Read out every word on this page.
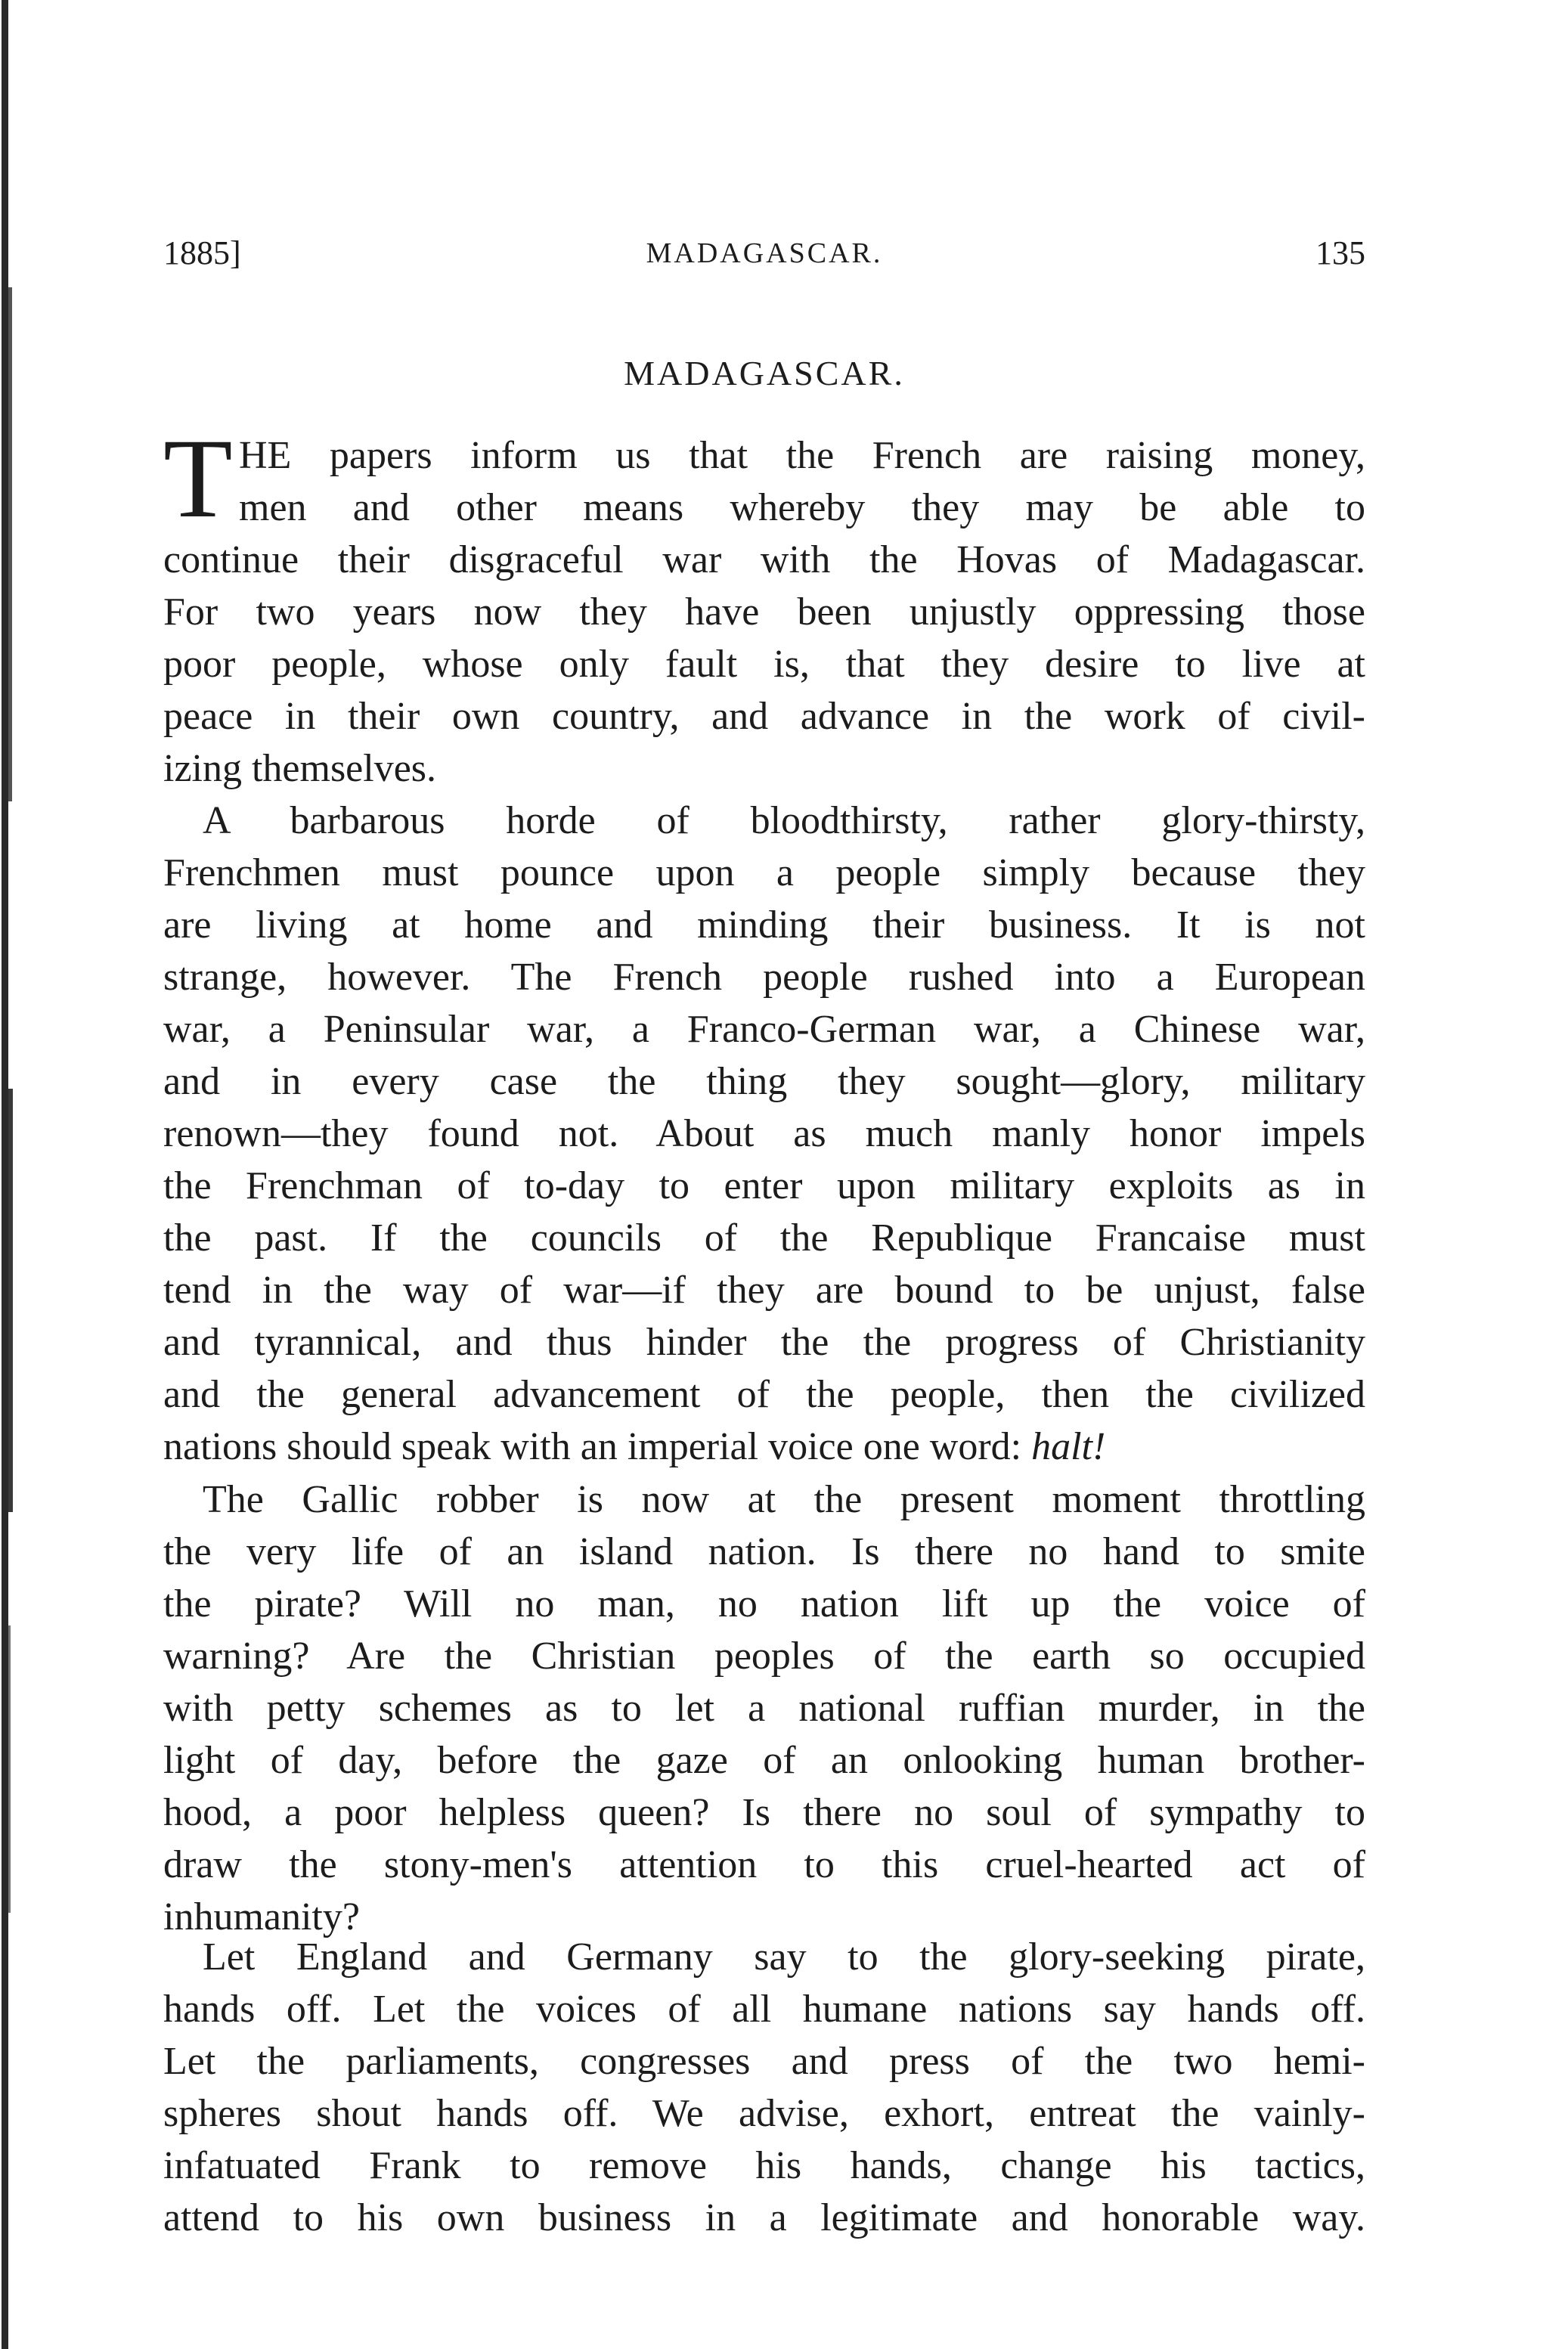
1885]	MADAGASCAR.	135
MADAGASCAR.
T HE papers inform us that the French are raising money,
men and other means whereby they may be able to
continue their disgraceful war with the Hovas of Madagascar.
For two years now they have been unjustly oppressing those
poor people, whose only fault is, that they desire to live at
peace in their own country, and advance in the work of civil-
izing themselves.
A barbarous horde of bloodthirsty, rather glory-thirsty,
Frenchmen must pounce upon a people simply because they
are living at home and minding their business. It is not
strange, however. The French people rushed into a European
war, a Peninsular war, a Franco-German war, a Chinese war,
and in every case the thing they sought—glory, military
renown—they found not. About as much manly honor impels
the Frenchman of to-day to enter upon military exploits as in
the past. If the councils of the Republique Francaise must
tend in the way of war—if they are bound to be unjust, false
and tyrannical, and thus hinder the the progress of Christianity
and the general advancement of the people, then the civilized
nations should speak with an imperial voice one word: halt!
The Gallic robber is now at the present moment throttling
the very life of an island nation. Is there no hand to smite
the pirate? Will no man, no nation lift up the voice of
warning? Are the Christian peoples of the earth so occupied
with petty schemes as to let a national ruffian murder, in the
light of day, before the gaze of an onlooking human brother-
hood, a poor helpless queen? Is there no soul of sympathy to
draw the stony-men's attention to this cruel-hearted act of
inhumanity?
Let England and Germany say to the glory-seeking pirate,
hands off. Let the voices of all humane nations say hands off.
Let the parliaments, congresses and press of the two hemi-
spheres shout hands off. We advise, exhort, entreat the vainly-
infatuated Frank to remove his hands, change his tactics,
attend to his own business in a legitimate and honorable way.
